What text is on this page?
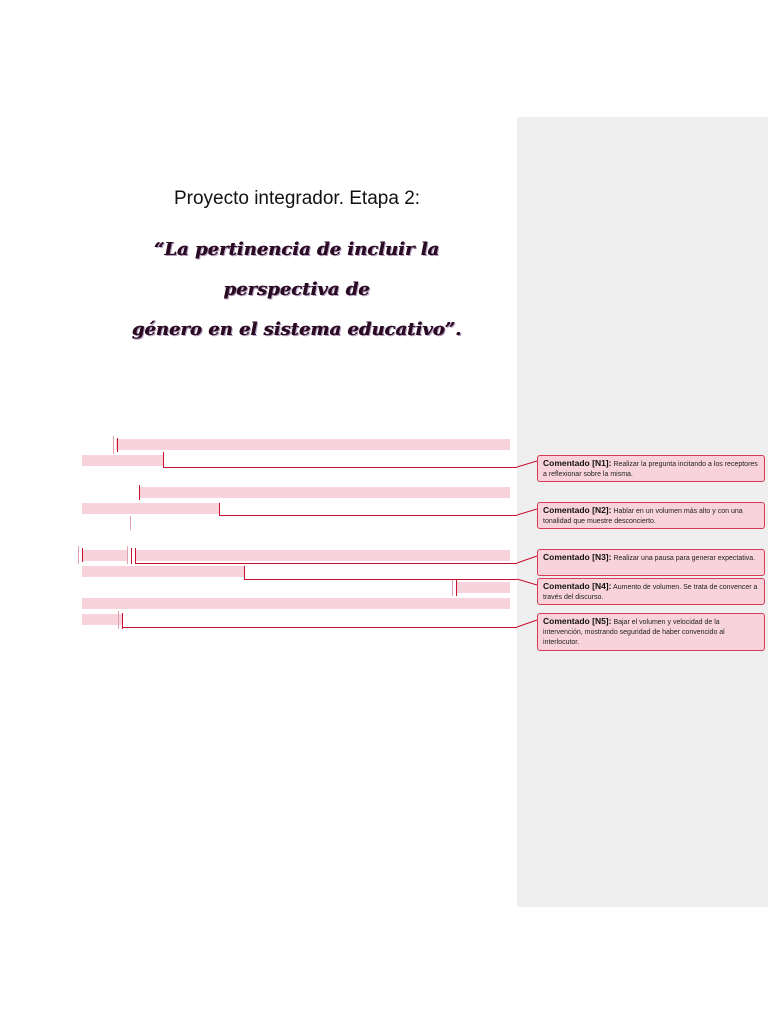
Proyecto integrador. Etapa 2:
“La pertinencia de incluir la perspectiva de
género en el sistema educativo”.
Comentado [N1]: Realizar la pregunta incitando a los receptores a reflexionar sobre la misma.
Comentado [N2]: Hablar en un volumen más alto y con una tonalidad que muestre desconcierto.
Comentado [N3]: Realizar una pausa para generar expectativa.
Comentado [N4]: Aumento de volumen. Se trata de convencer a través del discurso.
Comentado [N5]: Bajar el volumen y velocidad de la intervención, mostrando seguridad de haber convencido al interlocutor.
